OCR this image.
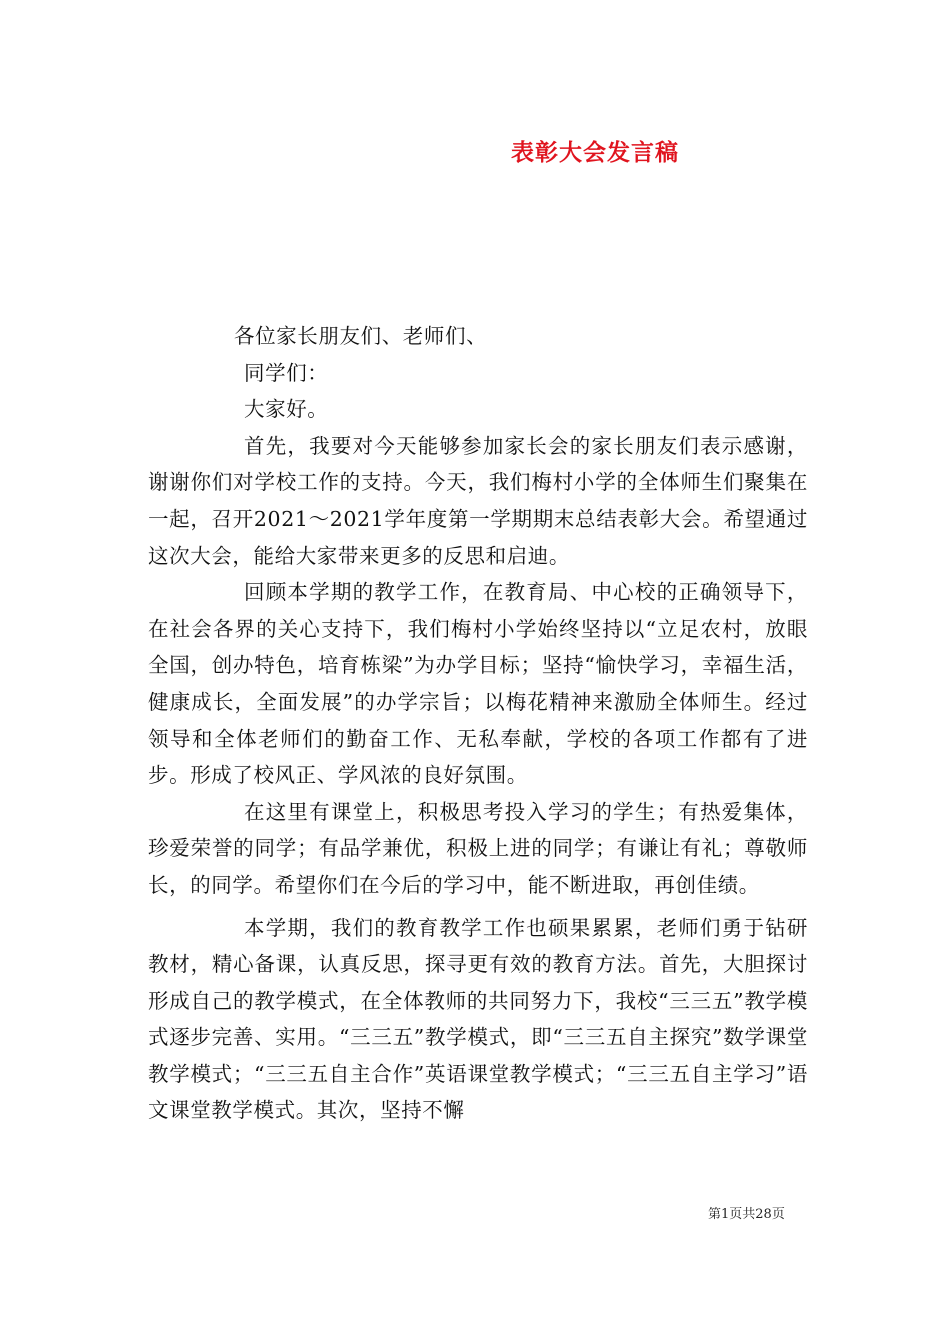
表彰大会发言稿
各位家长朋友们、老师们、
同学们：
大家好。

首先，我要对今天能够参加家长会的家长朋友们表示感谢，谢谢你们对学校工作的支持。今天，我们梅村小学的全体师生们聚集在一起，召开2021～2021学年度第一学期期末总结表彰大会。希望通过这次大会，能给大家带来更多的反思和启迪。

回顾本学期的教学工作，在教育局、中心校的正确领导下，在社会各界的关心支持下，我们梅村小学始终坚持以“立足农村，放眼全国，创办特色，培育栋梁”为办学目标；坚持“愉快学习，幸福生活，健康成长，全面发展”的办学宗旨；以梅花精神来激励全体师生。经过领导和全体老师们的勤奋工作、无私奉献，学校的各项工作都有了进步。形成了校风正、学风浓的良好氛围。

在这里有课堂上，积极思考投入学习的学生；有热爱集体，珍爱荣誉的同学；有品学兼优，积极上进的同学；有谦让有礼；尊敬师长，的同学。希望你们在今后的学习中，能不断进取，再创佳绩。

本学期，我们的教育教学工作也硕果累累，老师们勇于钻研教材，精心备课，认真反思，探寻更有效的教育方法。首先，大胆探讨形成自己的教学模式，在全体教师的共同努力下，我校“三三五”教学模式逐步完善、实用。“三三五”教学模式，即“三三五自主探究”数学课堂教学模式；“三三五自主合作”英语课堂教学模式；“三三五自主学习”语文课堂教学模式。其次，坚持不懈

第1页共28页
